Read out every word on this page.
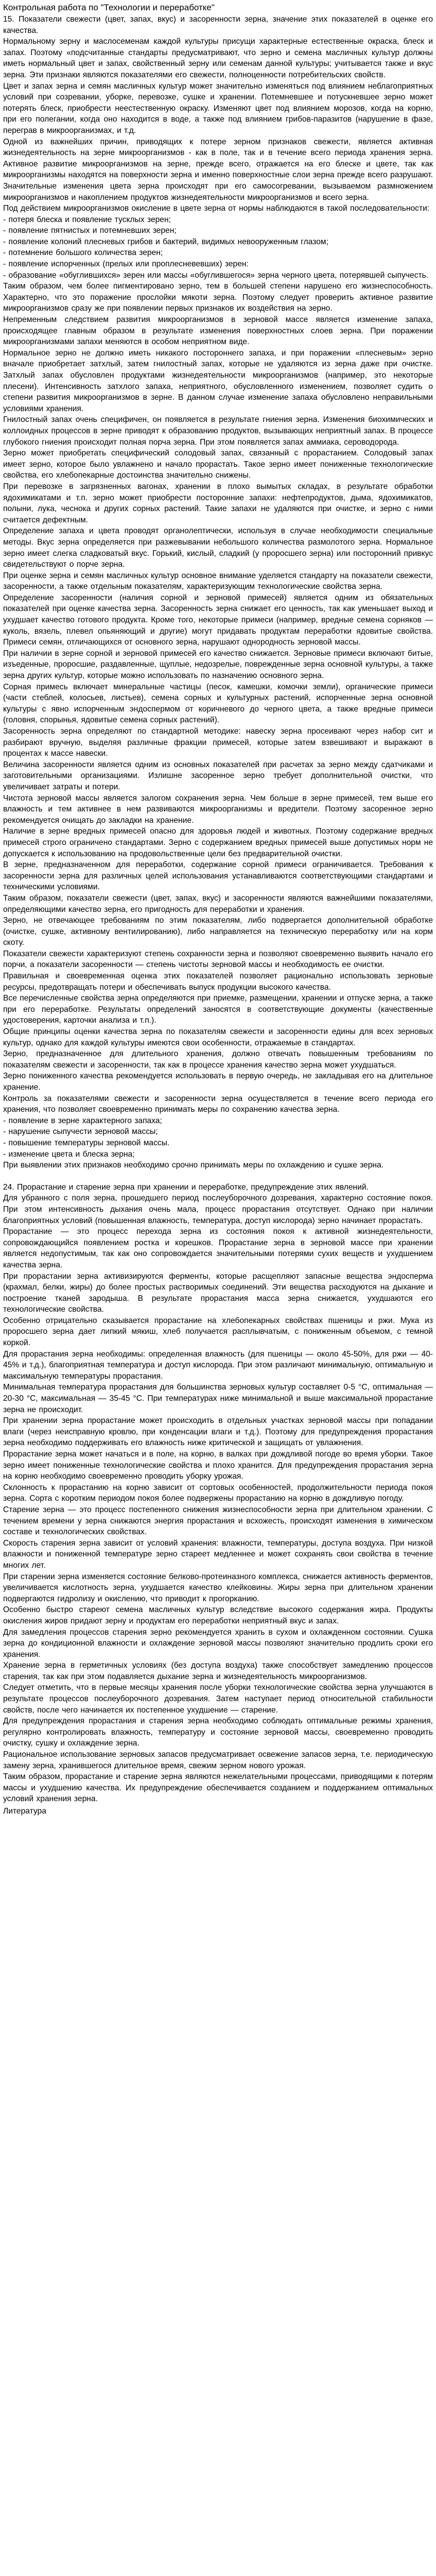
Контрольная работа по "Технологии и переработке"

15. Показатели свежести (цвет, запах, вкус) и засоренности зерна, значение этих показателей в оценке его качества.

Нормальному зерну и маслосеменам каждой культуры присущи характерные естественные окраска, блеск и запах. Поэтому «подсчитанные стандарты предусматривают, что зерно и семена масличных культур должны иметь нормальный цвет и запах, свойственный зерну или семенам данной культуры; учитывается также и вкус зерна. Эти признаки являются показателями его свежести, полноценности потребительских свойств.

Цвет и запах зерна и семян масличных культур может значительно изменяться под влиянием неблагоприятных условий при созревании, уборке, перевозке, сушке и хранении. Потемневшее и потускневшее зерно может потерять блеск, приобрести неестественную окраску. Изменяют цвет под влиянием морозов, когда на корню, при его полегании, когда оно находится в воде, а также под влиянием грибов-паразитов (нарушение в фазе, переграв в микроорганизмах, и т.д.

Одной из важнейших причин, приводящих к потере зерном признаков свежести, является активная жизнедеятельность на зерне микроорганизмов - как в поле, так и в течение всего периода хранения зерна. Активное развитие микроорганизмов на зерне, прежде всего, отражается на его блеске и цвете, так как микроорганизмы находятся на поверхности зерна и именно поверхностные слои зерна прежде всего разрушают. Значительные изменения цвета зерна происходят при его самосогревании, вызываемом размножением микроорганизмов и накоплением продуктов жизнедеятельности микроорганизмов и всего зерна.

Под действием микроорганизмов окисление в цвете зерна от нормы наблюдаются в такой последовательности:

- потеря блеска и появление тусклых зерен;

- появление пятнистых и потемневших зерен;

- появление колоний плесневых грибов и бактерий, видимых невооруженным глазом;

- потемнение большого количества зерен;

- появление испорченных (прелых или проплесневевших) зерен:

- образование «обуглившихся» зерен или массы «обуглившегося» зерна черного цвета, потерявшей сыпучесть.

Таким образом, чем более пигментировано зерно, тем в большей степени нарушено его жизнеспособность. Характерно, что это поражение прослойки мякоти зерна. Поэтому следует проверить активное развитие микроорганизмов сразу же при появлении первых признаков их воздействия на зерно.

Непременным следствием развития микроорганизмов в зерновой массе является изменение запаха, происходящее главным образом в результате изменения поверхностных слоев зерна. При поражении микроорганизмами запахи меняются в особом неприятном виде.

Нормальное зерно не должно иметь никакого постороннего запаха, и при поражении «плесневым» зерно вначале приобретает затхлый, затем гнилостный запах, которые не удаляются из зерна даже при очистке. Затхлый запах обусловлен продуктами жизнедеятельности микроорганизмов (например, это некоторые плесени). Интенсивность затхлого запаха, неприятного, обусловленного изменением, позволяет судить о степени развития микроорганизмов в зерне. В данном случае изменение запаха обусловлено неправильными условиями хранения.

Гнилостный запах очень специфичен, он появляется в результате гниения зерна. Изменения биохимических и коллоидных процессов в зерне приводят к образованию продуктов, вызывающих неприятный запах. В процессе глубокого гниения происходит полная порча зерна. При этом появляется запах аммиака, сероводорода.

Зерно может приобретать специфический солодовый запах, связанный с прорастанием. Солодовый запах имеет зерно, которое было увлажнено и начало прорастать. Такое зерно имеет пониженные технологические свойства, его хлебопекарные достоинства значительно снижены.

При перевозке в загрязненных вагонах, хранении в плохо вымытых складах, в результате обработки ядохимикатами и т.п. зерно может приобрести посторонние запахи: нефтепродуктов, дыма, ядохимикатов, полыни, лука, чеснока и других сорных растений. Такие запахи не удаляются при очистке, и зерно с ними считается дефектным.

Определение запаха и цвета проводят органолептически, используя в случае необходимости специальные методы. Вкус зерна определяется при разжевывании небольшого количества размолотого зерна. Нормальное зерно имеет слегка сладковатый вкус. Горький, кислый, сладкий (у проросшего зерна) или посторонний привкус свидетельствуют о порче зерна.

При оценке зерна и семян масличных культур основное внимание уделяется стандарту на показатели свежести, засоренности, а также отдельным показателям, характеризующим технологические свойства зерна.

Определение засоренности (наличия сорной и зерновой примесей) является одним из обязательных показателей при оценке качества зерна. Засоренность зерна снижает его ценность, так как уменьшает выход и ухудшает качество готового продукта. Кроме того, некоторые примеси (например, вредные семена сорняков — куколь, вязель, плевел опьяняющий и другие) могут придавать продуктам переработки ядовитые свойства. Примеси семян, отличающихся от основного зерна, нарушают однородность зерновой массы.

При наличии в зерне сорной и зерновой примесей его качество снижается. Зерновые примеси включают битые, изъеденные, проросшие, раздавленные, щуплые, недозрелые, поврежденные зерна основной культуры, а также зерна других культур, которые можно использовать по назначению основного зерна.

Сорная примесь включает минеральные частицы (песок, камешки, комочки земли), органические примеси (части стеблей, колосьев, листьев), семена сорных и культурных растений, испорченные зерна основной культуры с явно испорченным эндоспермом от коричневого до черного цвета, а также вредные примеси (головня, спорынья, ядовитые семена сорных растений).

Засоренность зерна определяют по стандартной методике: навеску зерна просеивают через набор сит и разбирают вручную, выделяя различные фракции примесей, которые затем взвешивают и выражают в процентах к массе навески.

Величина засоренности является одним из основных показателей при расчетах за зерно между сдатчиками и заготовительными организациями. Излишне засоренное зерно требует дополнительной очистки, что увеличивает затраты и потери.

Чистота зерновой массы является залогом сохранения зерна. Чем больше в зерне примесей, тем выше его влажность и тем активнее в нем развиваются микроорганизмы и вредители. Поэтому засоренное зерно рекомендуется очищать до закладки на хранение.

Наличие в зерне вредных примесей опасно для здоровья людей и животных. Поэтому содержание вредных примесей строго ограничено стандартами. Зерно с содержанием вредных примесей выше допустимых норм не допускается к использованию на продовольственные цели без предварительной очистки.

В зерне, предназначенном для переработки, содержание сорной примеси ограничивается. Требования к засоренности зерна для различных целей использования устанавливаются соответствующими стандартами и техническими условиями.

Таким образом, показатели свежести (цвет, запах, вкус) и засоренности являются важнейшими показателями, определяющими качество зерна, его пригодность для переработки и хранения.

Зерно, не отвечающее требованиям по этим показателям, либо подвергается дополнительной обработке (очистке, сушке, активному вентилированию), либо направляется на техническую переработку или на корм скоту.

Показатели свежести характеризуют степень сохранности зерна и позволяют своевременно выявить начало его порчи, а показатели засоренности — степень чистоты зерновой массы и необходимость ее очистки.

Правильная и своевременная оценка этих показателей позволяет рационально использовать зерновые ресурсы, предотвращать потери и обеспечивать выпуск продукции высокого качества.

Все перечисленные свойства зерна определяются при приемке, размещении, хранении и отпуске зерна, а также при его переработке. Результаты определений заносятся в соответствующие документы (качественные удостоверения, карточки анализа и т.п.).

Общие принципы оценки качества зерна по показателям свежести и засоренности едины для всех зерновых культур, однако для каждой культуры имеются свои особенности, отражаемые в стандартах.

Зерно, предназначенное для длительного хранения, должно отвечать повышенным требованиям по показателям свежести и засоренности, так как в процессе хранения качество зерна может ухудшаться.

Зерно пониженного качества рекомендуется использовать в первую очередь, не закладывая его на длительное хранение.

Контроль за показателями свежести и засоренности зерна осуществляется в течение всего периода его хранения, что позволяет своевременно принимать меры по сохранению качества зерна.

- появление в зерне характерного запаха;

- нарушение сыпучести зерновой массы;

- повышение температуры зерновой массы.

- изменение цвета и блеска зерна;

При выявлении этих признаков необходимо срочно принимать меры по охлаждению и сушке зерна.

24. Прорастание и старение зерна при хранении и переработке, предупреждение этих явлений.

Для убранного с поля зерна, прошедшего период послеуборочного дозревания, характерно состояние покоя. При этом интенсивность дыхания очень мала, процесс прорастания отсутствует. Однако при наличии благоприятных условий (повышенная влажность, температура, доступ кислорода) зерно начинает прорастать.

Прорастание — это процесс перехода зерна из состояния покоя к активной жизнедеятельности, сопровождающийся появлением ростка и корешков. Прорастание зерна в зерновой массе при хранении является недопустимым, так как оно сопровождается значительными потерями сухих веществ и ухудшением качества зерна.

При прорастании зерна активизируются ферменты, которые расщепляют запасные вещества эндосперма (крахмал, белки, жиры) до более простых растворимых соединений. Эти вещества расходуются на дыхание и построение тканей зародыша. В результате прорастания масса зерна снижается, ухудшаются его технологические свойства.

Особенно отрицательно сказывается прорастание на хлебопекарных свойствах пшеницы и ржи. Мука из проросшего зерна дает липкий мякиш, хлеб получается расплывчатым, с пониженным объемом, с темной коркой.

Для прорастания зерна необходимы: определенная влажность (для пшеницы — около 45-50%, для ржи — 40-45% и т.д.), благоприятная температура и доступ кислорода. При этом различают минимальную, оптимальную и максимальную температуры прорастания.

Минимальная температура прорастания для большинства зерновых культур составляет 0-5 °С, оптимальная — 20-30 °С, максимальная — 35-45 °С. При температурах ниже минимальной и выше максимальной прорастание зерна не происходит.

При хранении зерна прорастание может происходить в отдельных участках зерновой массы при попадании влаги (через неисправную кровлю, при конденсации влаги и т.д.). Поэтому для предупреждения прорастания зерна необходимо поддерживать его влажность ниже критической и защищать от увлажнения.

Прорастание зерна может начаться и в поле, на корню, в валках при дождливой погоде во время уборки. Такое зерно имеет пониженные технологические свойства и плохо хранится. Для предупреждения прорастания зерна на корню необходимо своевременно проводить уборку урожая.

Склонность к прорастанию на корню зависит от сортовых особенностей, продолжительности периода покоя зерна. Сорта с коротким периодом покоя более подвержены прорастанию на корню в дождливую погоду.

Старение зерна — это процесс постепенного снижения жизнеспособности зерна при длительном хранении. С течением времени у зерна снижаются энергия прорастания и всхожесть, происходят изменения в химическом составе и технологических свойствах.

Скорость старения зерна зависит от условий хранения: влажности, температуры, доступа воздуха. При низкой влажности и пониженной температуре зерно стареет медленнее и может сохранять свои свойства в течение многих лет.

При старении зерна изменяется состояние белково-протеиназного комплекса, снижается активность ферментов, увеличивается кислотность зерна, ухудшается качество клейковины. Жиры зерна при длительном хранении подвергаются гидролизу и окислению, что приводит к прогорканию.

Особенно быстро стареют семена масличных культур вследствие высокого содержания жира. Продукты окисления жиров придают зерну и продуктам его переработки неприятный вкус и запах.

Для замедления процессов старения зерно рекомендуется хранить в сухом и охлажденном состоянии. Сушка зерна до кондиционной влажности и охлаждение зерновой массы позволяют значительно продлить сроки его хранения.

Хранение зерна в герметичных условиях (без доступа воздуха) также способствует замедлению процессов старения, так как при этом подавляется дыхание зерна и жизнедеятельность микроорганизмов.

Следует отметить, что в первые месяцы хранения после уборки технологические свойства зерна улучшаются в результате процессов послеуборочного дозревания. Затем наступает период относительной стабильности свойств, после чего начинается их постепенное ухудшение — старение.

Для предупреждения прорастания и старения зерна необходимо соблюдать оптимальные режимы хранения, регулярно контролировать влажность, температуру и состояние зерновой массы, своевременно проводить очистку, сушку и охлаждение зерна.

Рациональное использование зерновых запасов предусматривает освежение запасов зерна, т.е. периодическую замену зерна, хранившегося длительное время, свежим зерном нового урожая.

Таким образом, прорастание и старение зерна являются нежелательными процессами, приводящими к потерям массы и ухудшению качества. Их предупреждение обеспечивается созданием и поддержанием оптимальных условий хранения зерна.

Литература
